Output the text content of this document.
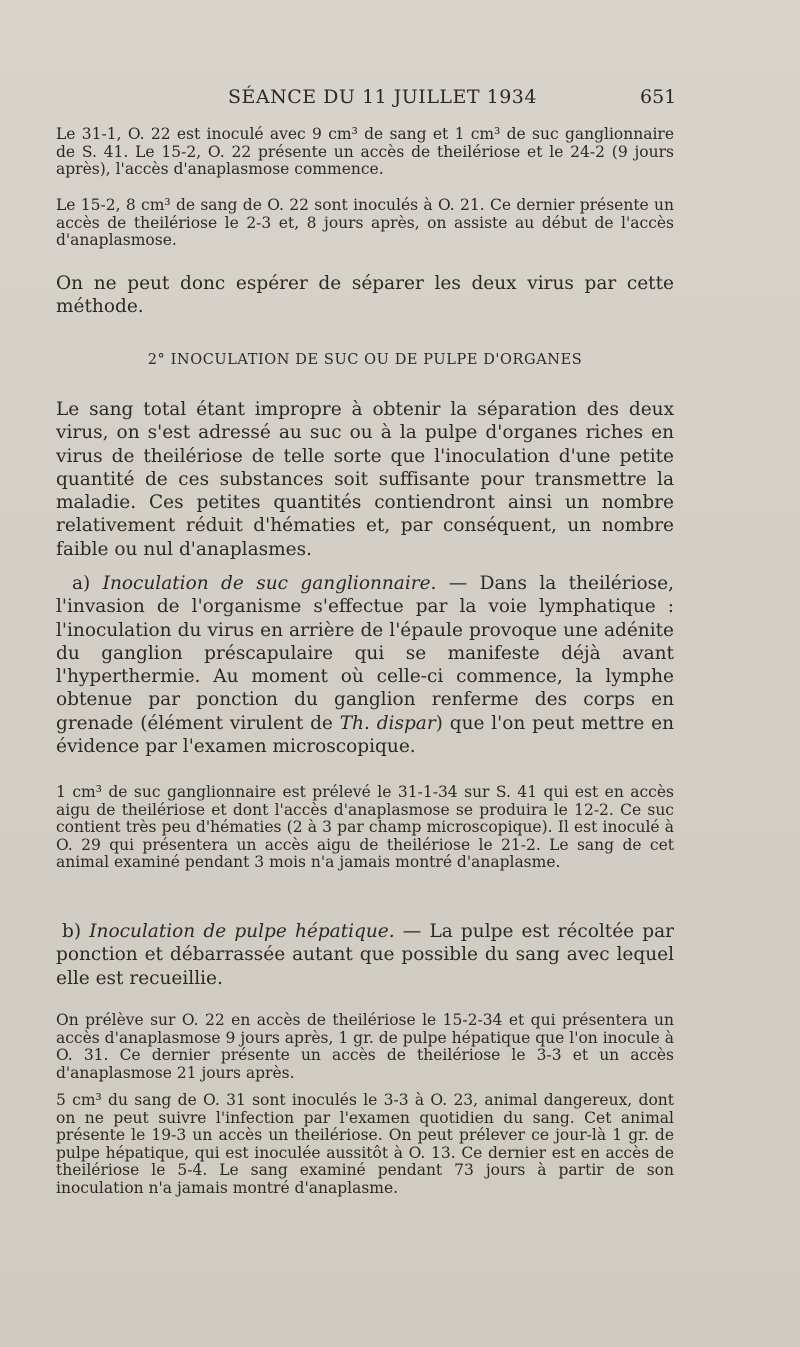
SÉANCE DU 11 JUILLET 1934	651

Le 31-1, O. 22 est inoculé avec 9 cm³ de sang et 1 cm³ de suc ganglionnaire de S. 41. Le 15-2, O. 22 présente un accès de theilériose et le 24-2 (9 jours après), l'accès d'anaplasmose commence.

Le 15-2, 8 cm³ de sang de O. 22 sont inoculés à O. 21. Ce dernier présente un accès de theilériose le 2-3 et, 8 jours après, on assiste au début de l'accès d'anaplasmose.

On ne peut donc espérer de séparer les deux virus par cette méthode.

2° INOCULATION DE SUC OU DE PULPE D'ORGANES

Le sang total étant impropre à obtenir la séparation des deux virus, on s'est adressé au suc ou à la pulpe d'organes riches en virus de theilériose de telle sorte que l'inoculation d'une petite quantité de ces substances soit suffisante pour transmettre la maladie. Ces petites quantités contiendront ainsi un nombre relativement réduit d'hématies et, par conséquent, un nombre faible ou nul d'anaplasmes.

a) Inoculation de suc ganglionnaire. — Dans la theilériose, l'invasion de l'organisme s'effectue par la voie lymphatique : l'inoculation du virus en arrière de l'épaule provoque une adénite du ganglion préscapulaire qui se manifeste déjà avant l'hyperthermie. Au moment où celle-ci commence, la lymphe obtenue par ponction du ganglion renferme des corps en grenade (élément virulent de Th. dispar) que l'on peut mettre en évidence par l'examen microscopique.

1 cm³ de suc ganglionnaire est prélevé le 31-1-34 sur S. 41 qui est en accès aigu de theilériose et dont l'accès d'anaplasmose se produira le 12-2. Ce suc contient très peu d'hématies (2 à 3 par champ microscopique). Il est inoculé à O. 29 qui présentera un accès aigu de theilériose le 21-2. Le sang de cet animal examiné pendant 3 mois n'a jamais montré d'anaplasme.

b) Inoculation de pulpe hépatique. — La pulpe est récoltée par ponction et débarrassée autant que possible du sang avec lequel elle est recueillie.

On prélève sur O. 22 en accès de theilériose le 15-2-34 et qui présentera un accès d'anaplasmose 9 jours après, 1 gr. de pulpe hépatique que l'on inocule à O. 31. Ce dernier présente un accès de theilériose le 3-3 et un accès d'anaplasmose 21 jours après.

5 cm³ du sang de O. 31 sont inoculés le 3-3 à O. 23, animal dangereux, dont on ne peut suivre l'infection par l'examen quotidien du sang. Cet animal présente le 19-3 un accès un theilériose. On peut prélever ce jour-là 1 gr. de pulpe hépatique, qui est inoculée aussitôt à O. 13. Ce dernier est en accès de theilériose le 5-4. Le sang examiné pendant 73 jours à partir de son inoculation n'a jamais montré d'anaplasme.
